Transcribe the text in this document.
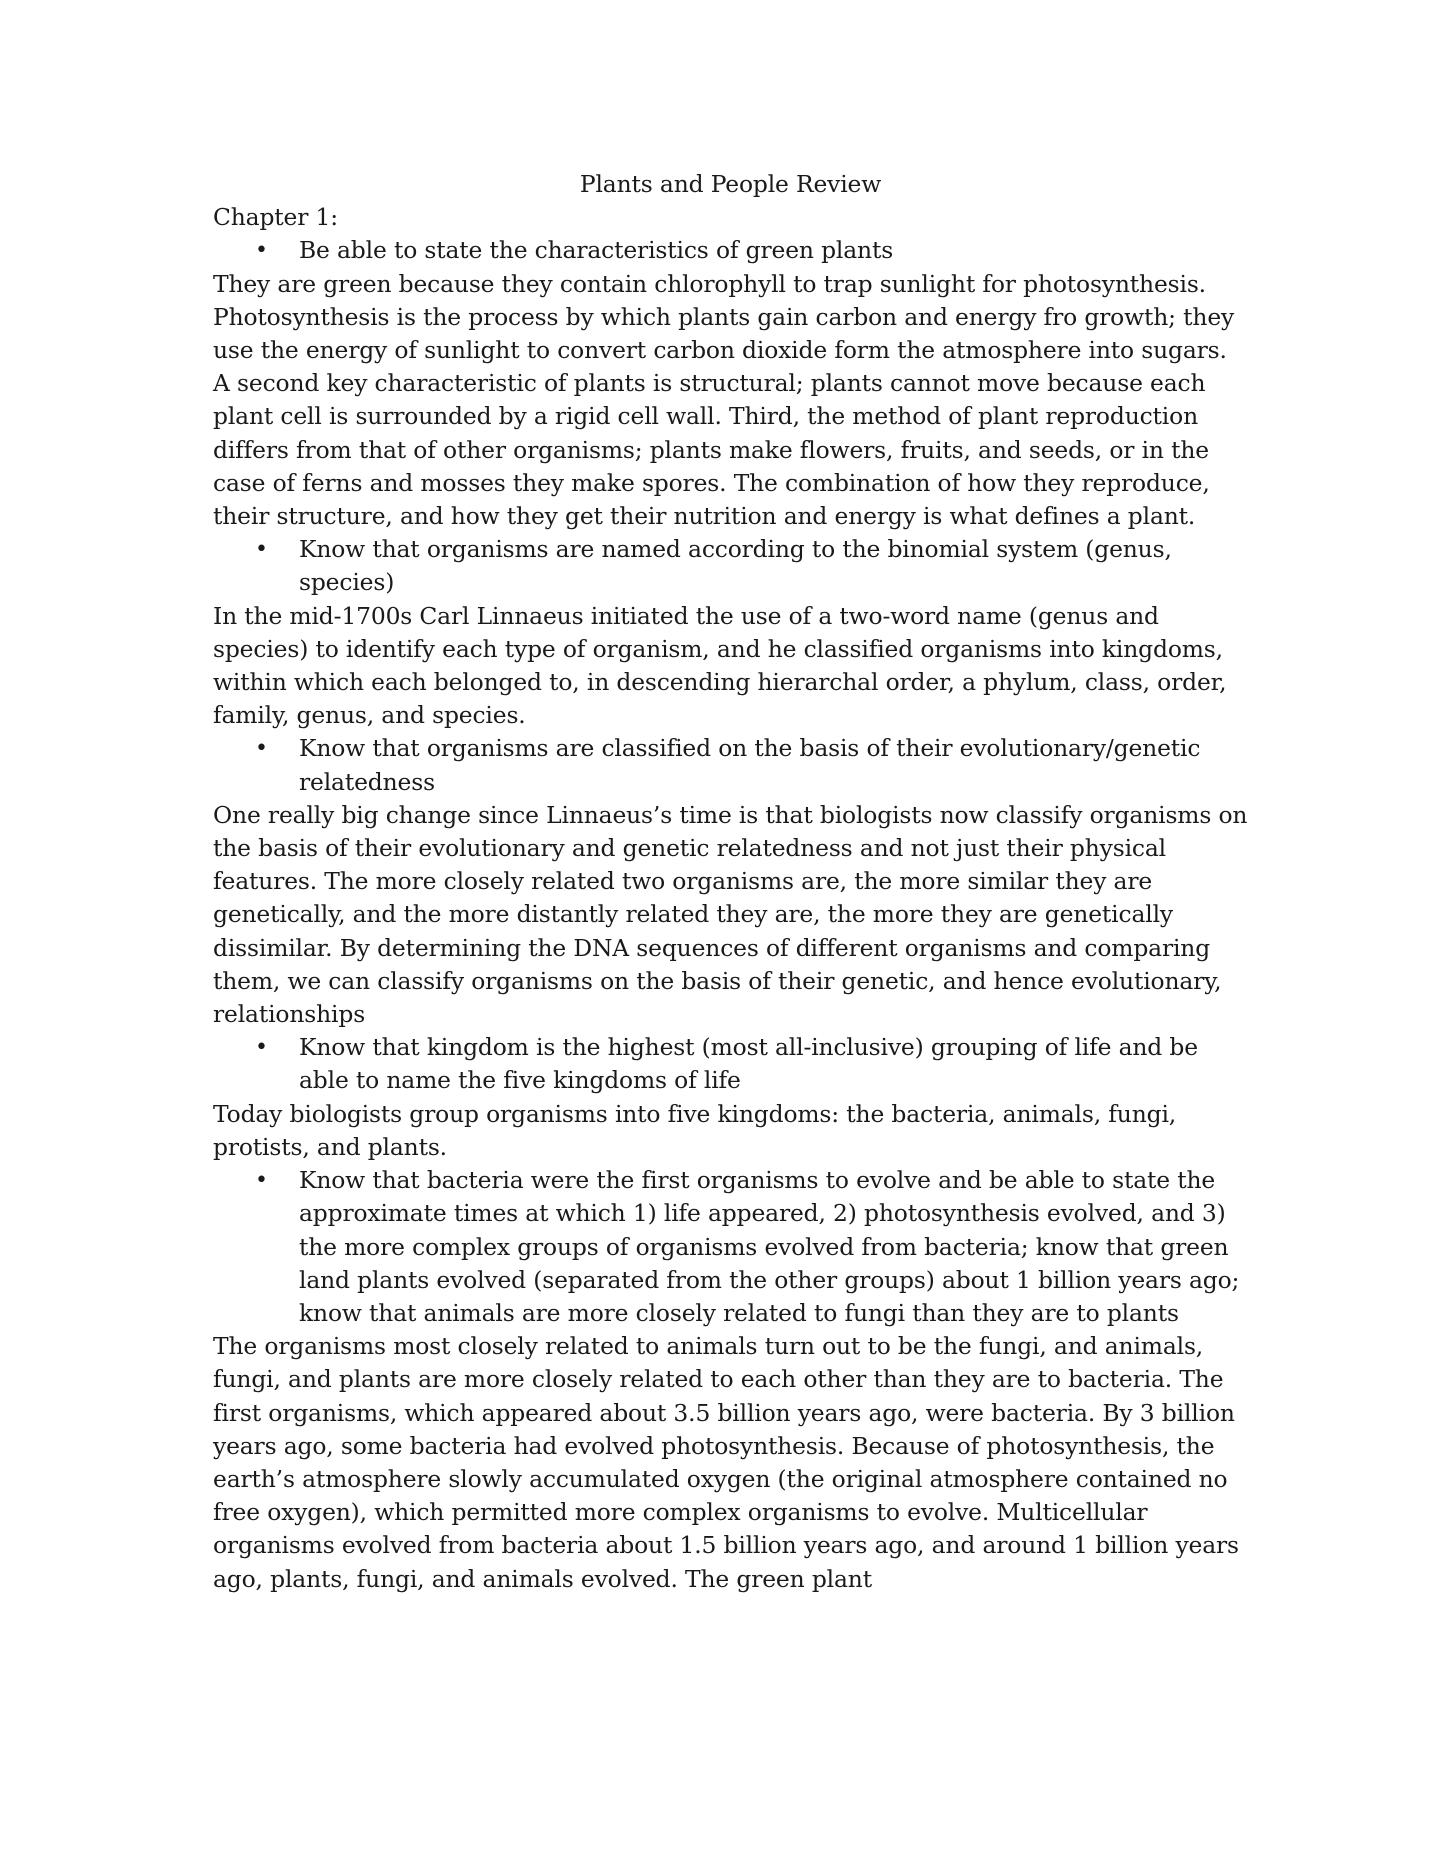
Plants and People Review

Chapter 1:

•	Be able to state the characteristics of green plants

They are green because they contain chlorophyll to trap sunlight for photosynthesis. Photosynthesis is the process by which plants gain carbon and energy fro growth; they use the energy of sunlight to convert carbon dioxide form the atmosphere into sugars. A second key characteristic of plants is structural; plants cannot move because each plant cell is surrounded by a rigid cell wall. Third, the method of plant reproduction differs from that of other organisms; plants make flowers, fruits, and seeds, or in the case of ferns and mosses they make spores. The combination of how they reproduce, their structure, and how they get their nutrition and energy is what defines a plant.

•	Know that organisms are named according to the binomial system (genus, species)

In the mid-1700s Carl Linnaeus initiated the use of a two-word name (genus and species) to identify each type of organism, and he classified organisms into kingdoms, within which each belonged to, in descending hierarchal order, a phylum, class, order, family, genus, and species.

•	Know that organisms are classified on the basis of their evolutionary/genetic relatedness

One really big change since Linnaeus’s time is that biologists now classify organisms on the basis of their evolutionary and genetic relatedness and not just their physical features. The more closely related two organisms are, the more similar they are genetically, and the more distantly related they are, the more they are genetically dissimilar. By determining the DNA sequences of different organisms and comparing them, we can classify organisms on the basis of their genetic, and hence evolutionary, relationships

•	Know that kingdom is the highest (most all-inclusive) grouping of life and be able to name the five kingdoms of life

Today biologists group organisms into five kingdoms: the bacteria, animals, fungi, protists, and plants.

•	Know that bacteria were the first organisms to evolve and be able to state the approximate times at which 1) life appeared, 2) photosynthesis evolved, and 3) the more complex groups of organisms evolved from bacteria; know that green land plants evolved (separated from the other groups) about 1 billion years ago; know that animals are more closely related to fungi than they are to plants

The organisms most closely related to animals turn out to be the fungi, and animals, fungi, and plants are more closely related to each other than they are to bacteria. The first organisms, which appeared about 3.5 billion years ago, were bacteria. By 3 billion years ago, some bacteria had evolved photosynthesis. Because of photosynthesis, the earth’s atmosphere slowly accumulated oxygen (the original atmosphere contained no free oxygen), which permitted more complex organisms to evolve. Multicellular organisms evolved from bacteria about 1.5 billion years ago, and around 1 billion years ago, plants, fungi, and animals evolved. The green plant
